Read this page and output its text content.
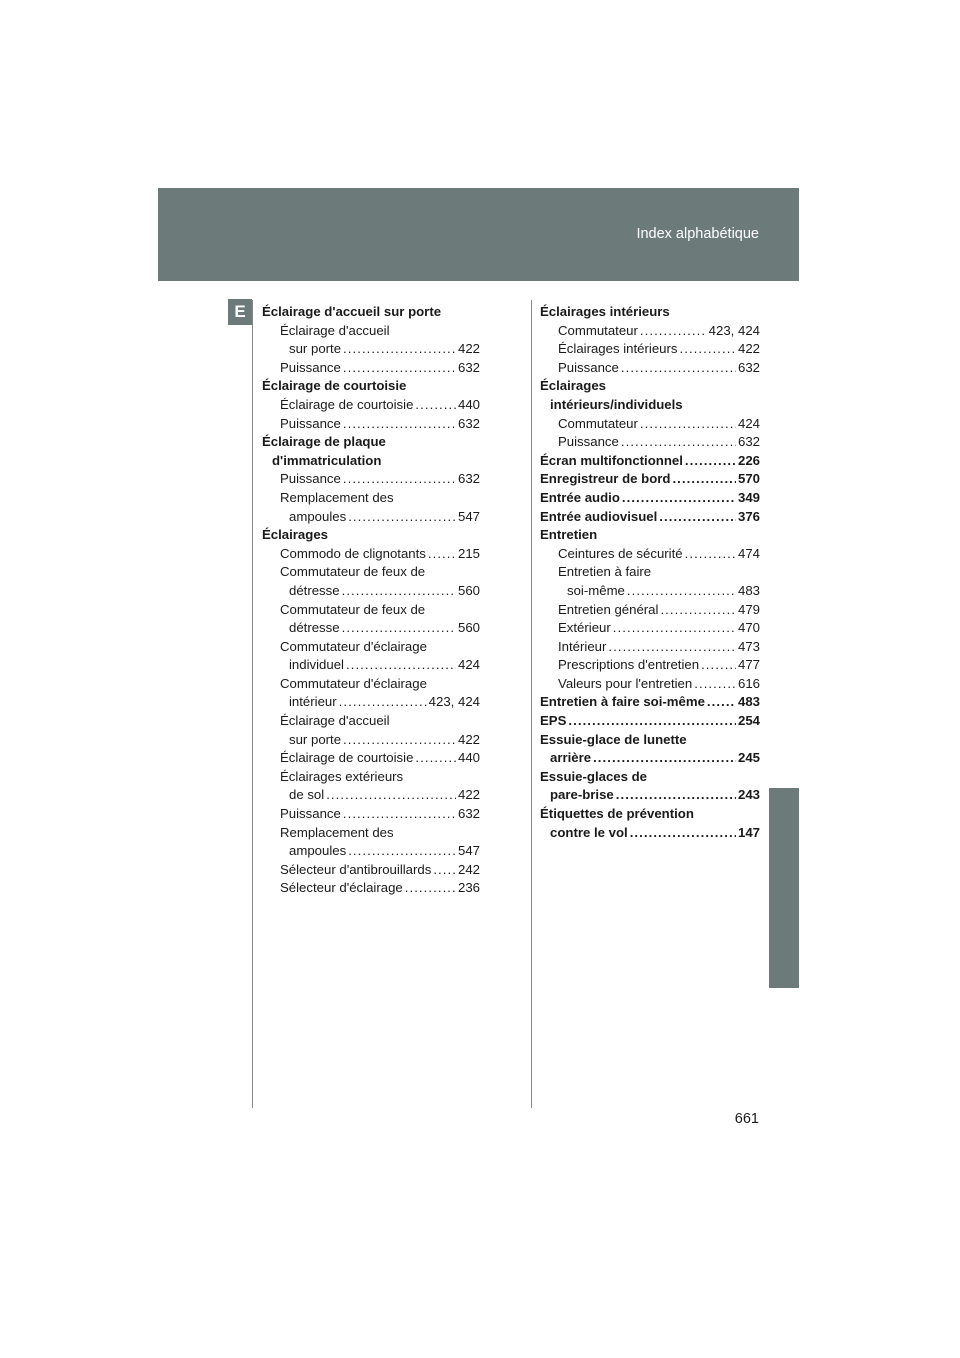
Index alphabétique
E	Éclairage d'accueil sur porte
Éclairage d'accueil
sur porte . . .	422
Puissance . . .	632
Éclairage de courtoisie
Éclairage de courtoisie . . .	440
Puissance . . .	632
Éclairage de plaque
d'immatriculation
Puissance . . .	632
Remplacement des
ampoules . . .	547
Éclairages
Commodo de clignotants . . . 215
Commutateur de feux de
détresse . . .	560
Commutateur de feux de
détresse . . .	560
Commutateur d'éclairage
individuel . . .	424
Commutateur d'éclairage
intérieur . . .	423, 424
Éclairage d'accueil
sur porte . . .	422
Éclairage de courtoisie . . .	440
Éclairages extérieurs
de sol . . .	422
Puissance . . .	632
Remplacement des
ampoules . . .	547
Sélecteur d'antibrouillards . . . 242
Sélecteur d'éclairage . . .	236
Éclairages intérieurs
Commutateur . . .	423, 424
Éclairages intérieurs . . .	422
Puissance . . .	632
Éclairages
intérieurs/individuels
Commutateur . . .	424
Puissance . . .	632
Écran multifonctionnel . . .	226
Enregistreur de bord . . .	570
Entrée audio . . .	349
Entrée audiovisuel . . .	376
Entretien
Ceintures de sécurité . . .	474
Entretien à faire
soi-même . . .	483
Entretien général . . .	479
Extérieur . . .	470
Intérieur . . .	473
Prescriptions d'entretien . . .	477
Valeurs pour l'entretien . . .	616
Entretien à faire soi-même . . .	483
EPS . . .	254
Essuie-glace de lunette
arrière . . .	245
Essuie-glaces de
pare-brise . . .	243
Étiquettes de prévention
contre le vol . . .	147
661
